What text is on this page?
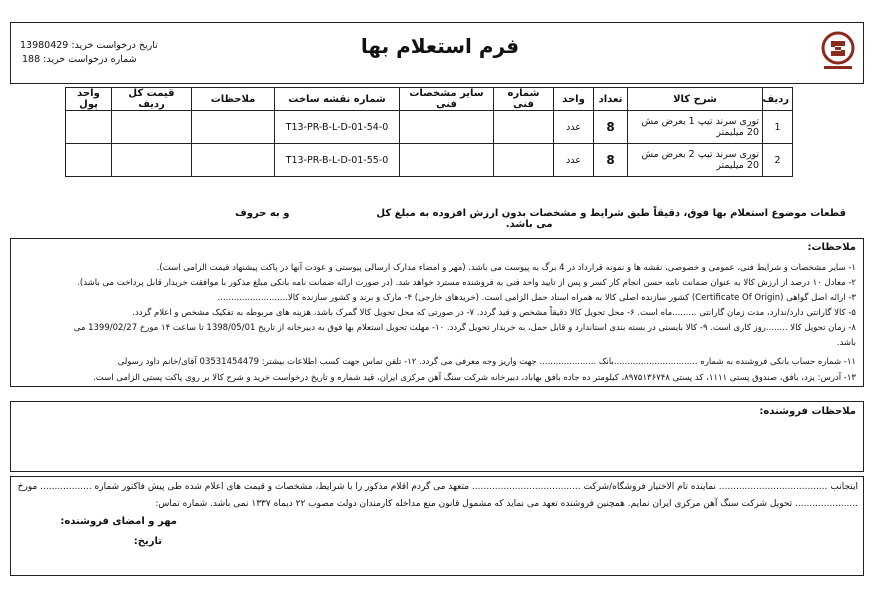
فرم استعلام بها
تاریخ درخواست خرید: 13980429
شماره درخواست خرید: 188
ردیف	شرح کالا	تعداد	واحد	شماره فنی	سایر مشخصات فنی	شماره نقشه ساخت	ملاحظات	قیمت کل ردیف	واحد پول
1	توری سرند تیپ 1 بعرض مش 20 میلیمتر	8	عدد			T13-PR-B-L-D-01-54-0			
2	توری سرند تیپ 2 بعرض مش 20 میلیمتر	8	عدد			T13-PR-B-L-D-01-55-0			
قطعات موضوع استعلام بها فوق، دقیقاً طبق شرایط و مشخصات بدون ارزش افزوده به مبلغ کل  و به حروف  می باشد.
ملاحظات:
۱- سایر مشخصات و شرایط فنی، عمومی و خصوصی، نقشه ها و نمونه قرارداد در 4 برگ به پیوست می باشد. (مهر و امضاء مدارک ارسالی پیوستی و عودت آنها در پاکت پیشنهاد قیمت الزامی است).
۲- معادل ۱۰ درصد از ارزش کالا به عنوان ضمانت نامه حسن انجام کار کسر و پس از تایید واحد فنی به فروشنده مسترد خواهد شد. (در صورت ارائه ضمانت نامه بانکی مبلغ مذکور با موافقت خریدار قابل پرداخت می باشد).
۳- ارائه اصل گواهی (Certificate Of Origin) کشور سازنده اصلی کالا به همراه اسناد حمل الزامی است. (خریدهای خارجی) ۴- مارک و برند و کشور سازنده کالا..........................
۵- کالا گارانتی دارد/ندارد، مدت زمان گارانتی .........ماه است. ۶- محل تحویل کالا دقیقاً مشخص و قید گردد. ۷- در صورتی که محل تحویل کالا گمرک باشد، هزینه های مربوطه به تفکیک مشخص و اعلام گردد.
۸- زمان تحویل کالا ........روز کاری است. ۹- کالا بایستی در بسته بندی استاندارد و قابل حمل، به خریدار تحویل گردد. ۱۰- مهلت تحویل استعلام بها فوق به دبیرخانه از تاریخ 1398/05/01 تا ساعت ۱۴ مورخ 1399/02/27 می
باشد.
۱۱- شماره حساب بانکی فروشنده به شماره ...............................بانک ..................... جهت واریز وجه معرفی می گردد. ۱۲- تلفن تماس جهت کسب اطلاعات بیشتر: 03531454479 آقای/خانم داود رسولی
۱۳- آدرس: یزد، بافق، صندوق پستی ۱۱۱۱، کد پستی ۸۹۷۵۱۳۶۷۴۸، کیلومتر ده جاده بافق بهاباد، دبیرخانه شرکت سنگ آهن مرکزی ایران، قید شماره و تاریخ درخواست خرید و شرح کالا بر روی پاکت پستی الزامی است.
ملاحظات فروشنده:
اینجانب ...................................... نماینده تام الاختیار فروشگاه/شرکت ...................................... متعهد می گردم اقلام مذکور را با شرایط، مشخصات و قیمت های اعلام شده طی پیش فاکتور شماره .................. مورخ
...................... تحویل شرکت سنگ آهن مرکزی ایران نمایم. همچنین فروشنده تعهد می نماید که مشمول قانون منع مداخله کارمندان دولت مصوب ۲۲ دیماه ۱۳۳۷ نمی باشد. شماره تماس:
مهر و امضای فروشنده:
تاریخ:
